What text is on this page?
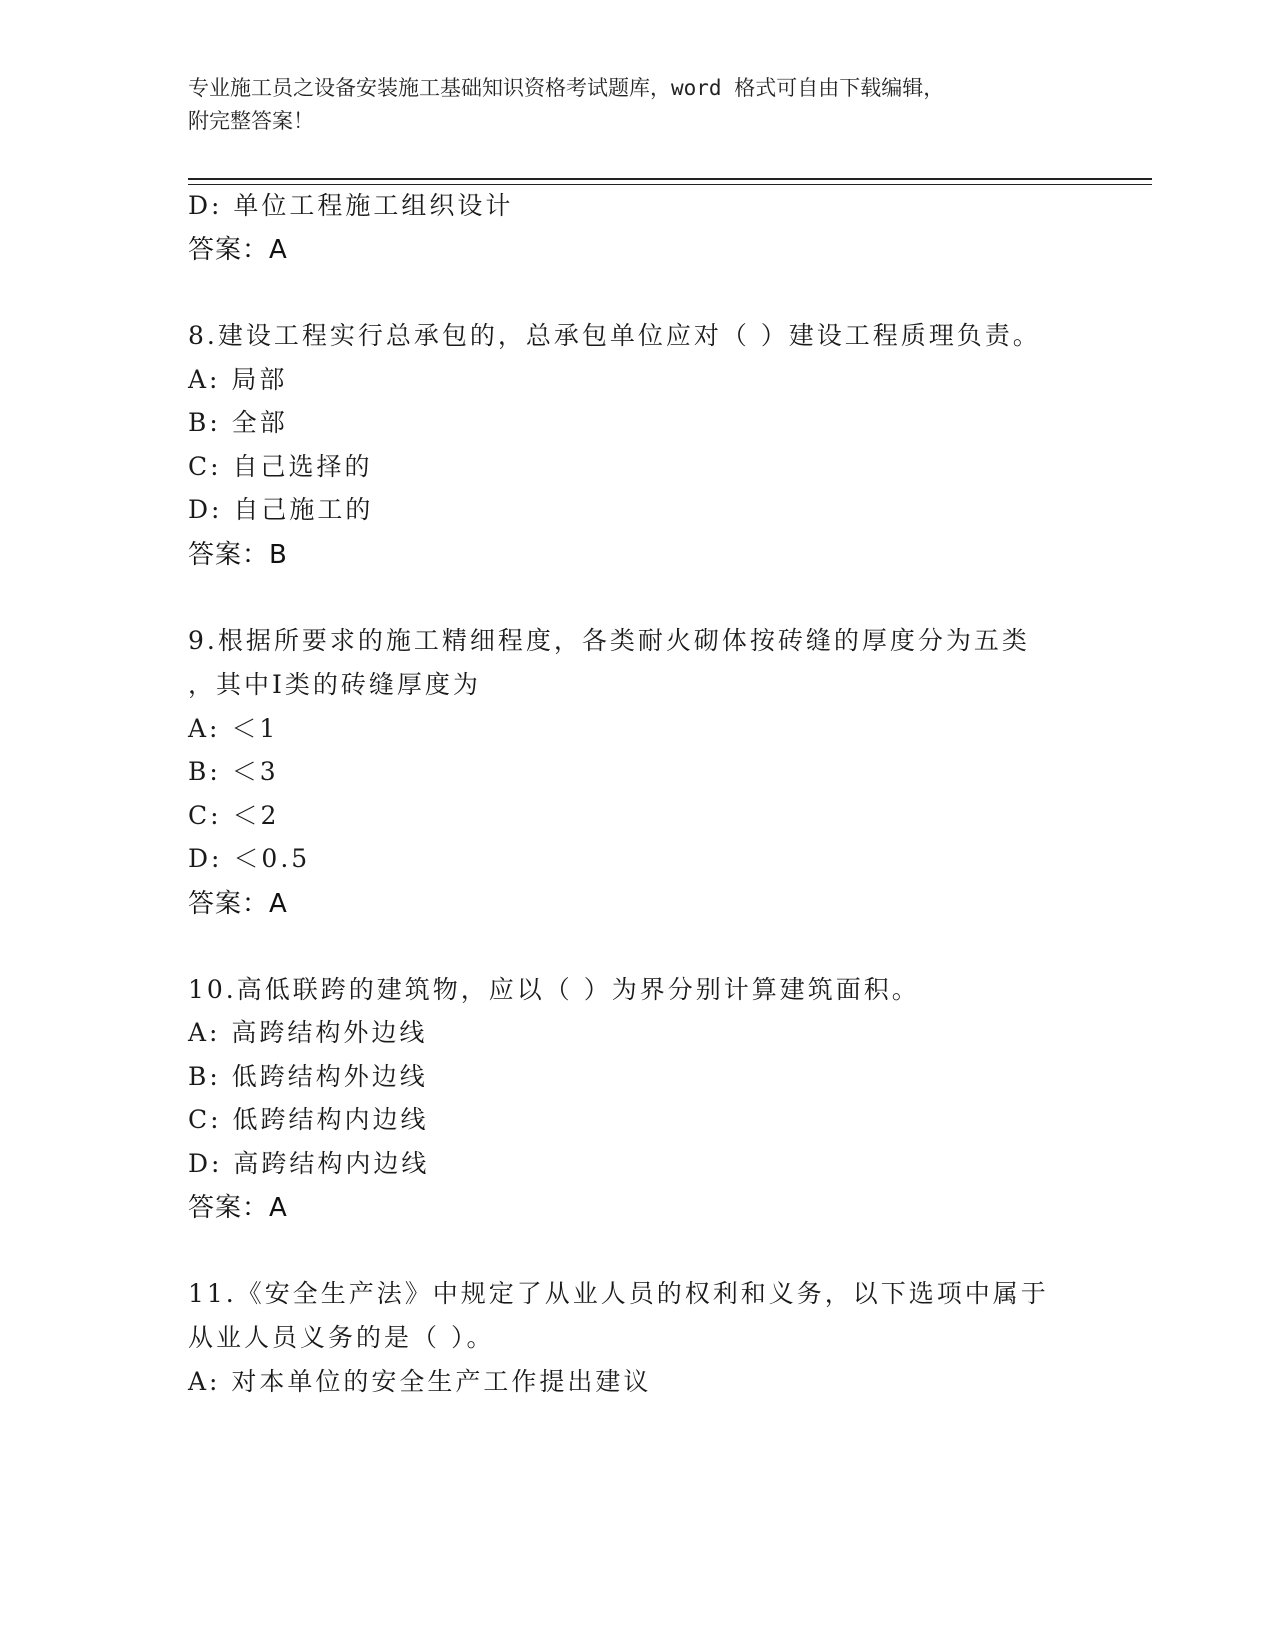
专业施工员之设备安装施工基础知识资格考试题库，word 格式可自由下载编辑，
附完整答案！
D: 单位工程施工组织设计
答案：A
8.建设工程实行总承包的，总承包单位应对（ ）建设工程质理负责。
A: 局部
B: 全部
C: 自己选择的
D: 自己施工的
答案：B
9.根据所要求的施工精细程度，各类耐火砌体按砖缝的厚度分为五类
，其中Ⅰ类的砖缝厚度为
A: ＜1
B: ＜3
C: ＜2
D: ＜0.5
答案：A
10.高低联跨的建筑物，应以（ ）为界分别计算建筑面积。
A: 高跨结构外边线
B: 低跨结构外边线
C: 低跨结构内边线
D: 高跨结构内边线
答案：A
11.《安全生产法》中规定了从业人员的权利和义务，以下选项中属于
从业人员义务的是（ ）。
A: 对本单位的安全生产工作提出建议
